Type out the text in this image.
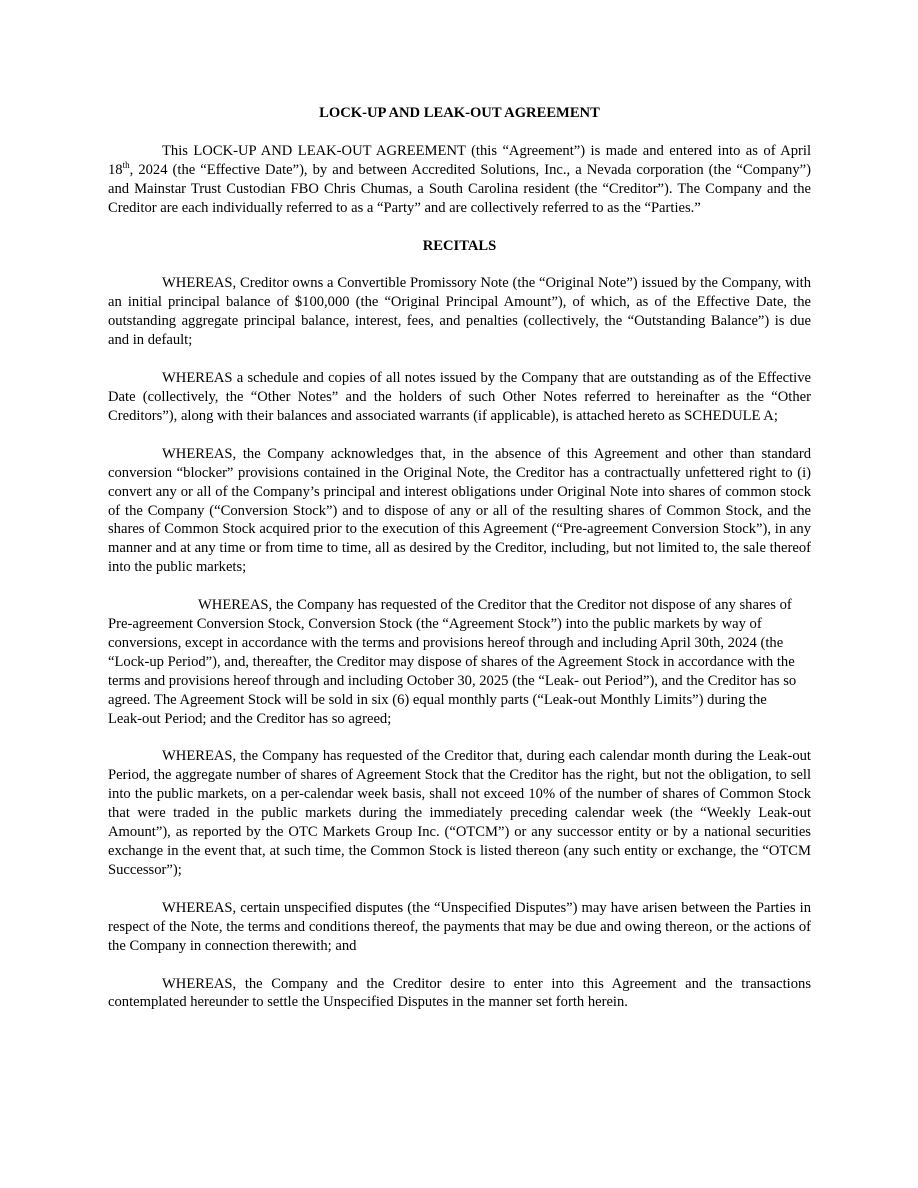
LOCK-UP AND LEAK-OUT AGREEMENT

This LOCK-UP AND LEAK-OUT AGREEMENT (this “Agreement”) is made and entered into as of April 18th, 2024 (the “Effective Date”), by and between Accredited Solutions, Inc., a Nevada corporation (the “Company”) and Mainstar Trust Custodian FBO Chris Chumas, a South Carolina resident (the “Creditor”). The Company and the Creditor are each individually referred to as a “Party” and are collectively referred to as the “Parties.”

RECITALS

WHEREAS, Creditor owns a Convertible Promissory Note (the “Original Note”) issued by the Company, with an initial principal balance of $100,000 (the “Original Principal Amount”), of which, as of the Effective Date, the outstanding aggregate principal balance, interest, fees, and penalties (collectively, the “Outstanding Balance”) is due and in default;

WHEREAS a schedule and copies of all notes issued by the Company that are outstanding as of the Effective Date (collectively, the “Other Notes” and the holders of such Other Notes referred to hereinafter as the “Other Creditors”), along with their balances and associated warrants (if applicable), is attached hereto as SCHEDULE A;

WHEREAS, the Company acknowledges that, in the absence of this Agreement and other than standard conversion “blocker” provisions contained in the Original Note, the Creditor has a contractually unfettered right to (i) convert any or all of the Company’s principal and interest obligations under Original Note into shares of common stock of the Company (“Conversion Stock”) and to dispose of any or all of the resulting shares of Common Stock, and the shares of Common Stock acquired prior to the execution of this Agreement (“Pre-agreement Conversion Stock”), in any manner and at any time or from time to time, all as desired by the Creditor, including, but not limited to, the sale thereof into the public markets;

WHEREAS, the Company has requested of the Creditor that the Creditor not dispose of any shares of Pre-agreement Conversion Stock, Conversion Stock (the “Agreement Stock”) into the public markets by way of conversions, except in accordance with the terms and provisions hereof through and including April 30th, 2024 (the “Lock-up Period”), and, thereafter, the Creditor may dispose of shares of the Agreement Stock in accordance with the terms and provisions hereof through and including October 30, 2025 (the “Leak- out Period”), and the Creditor has so agreed. The Agreement Stock will be sold in six (6) equal monthly parts (“Leak-out Monthly Limits”) during the Leak-out Period; and the Creditor has so agreed;

WHEREAS, the Company has requested of the Creditor that, during each calendar month during the Leak-out Period, the aggregate number of shares of Agreement Stock that the Creditor has the right, but not the obligation, to sell into the public markets, on a per-calendar week basis, shall not exceed 10% of the number of shares of Common Stock that were traded in the public markets during the immediately preceding calendar week (the “Weekly Leak-out Amount”), as reported by the OTC Markets Group Inc. (“OTCM”) or any successor entity or by a national securities exchange in the event that, at such time, the Common Stock is listed thereon (any such entity or exchange, the “OTCM Successor”);

WHEREAS, certain unspecified disputes (the “Unspecified Disputes”) may have arisen between the Parties in respect of the Note, the terms and conditions thereof, the payments that may be due and owing thereon, or the actions of the Company in connection therewith; and

WHEREAS, the Company and the Creditor desire to enter into this Agreement and the transactions contemplated hereunder to settle the Unspecified Disputes in the manner set forth herein.
